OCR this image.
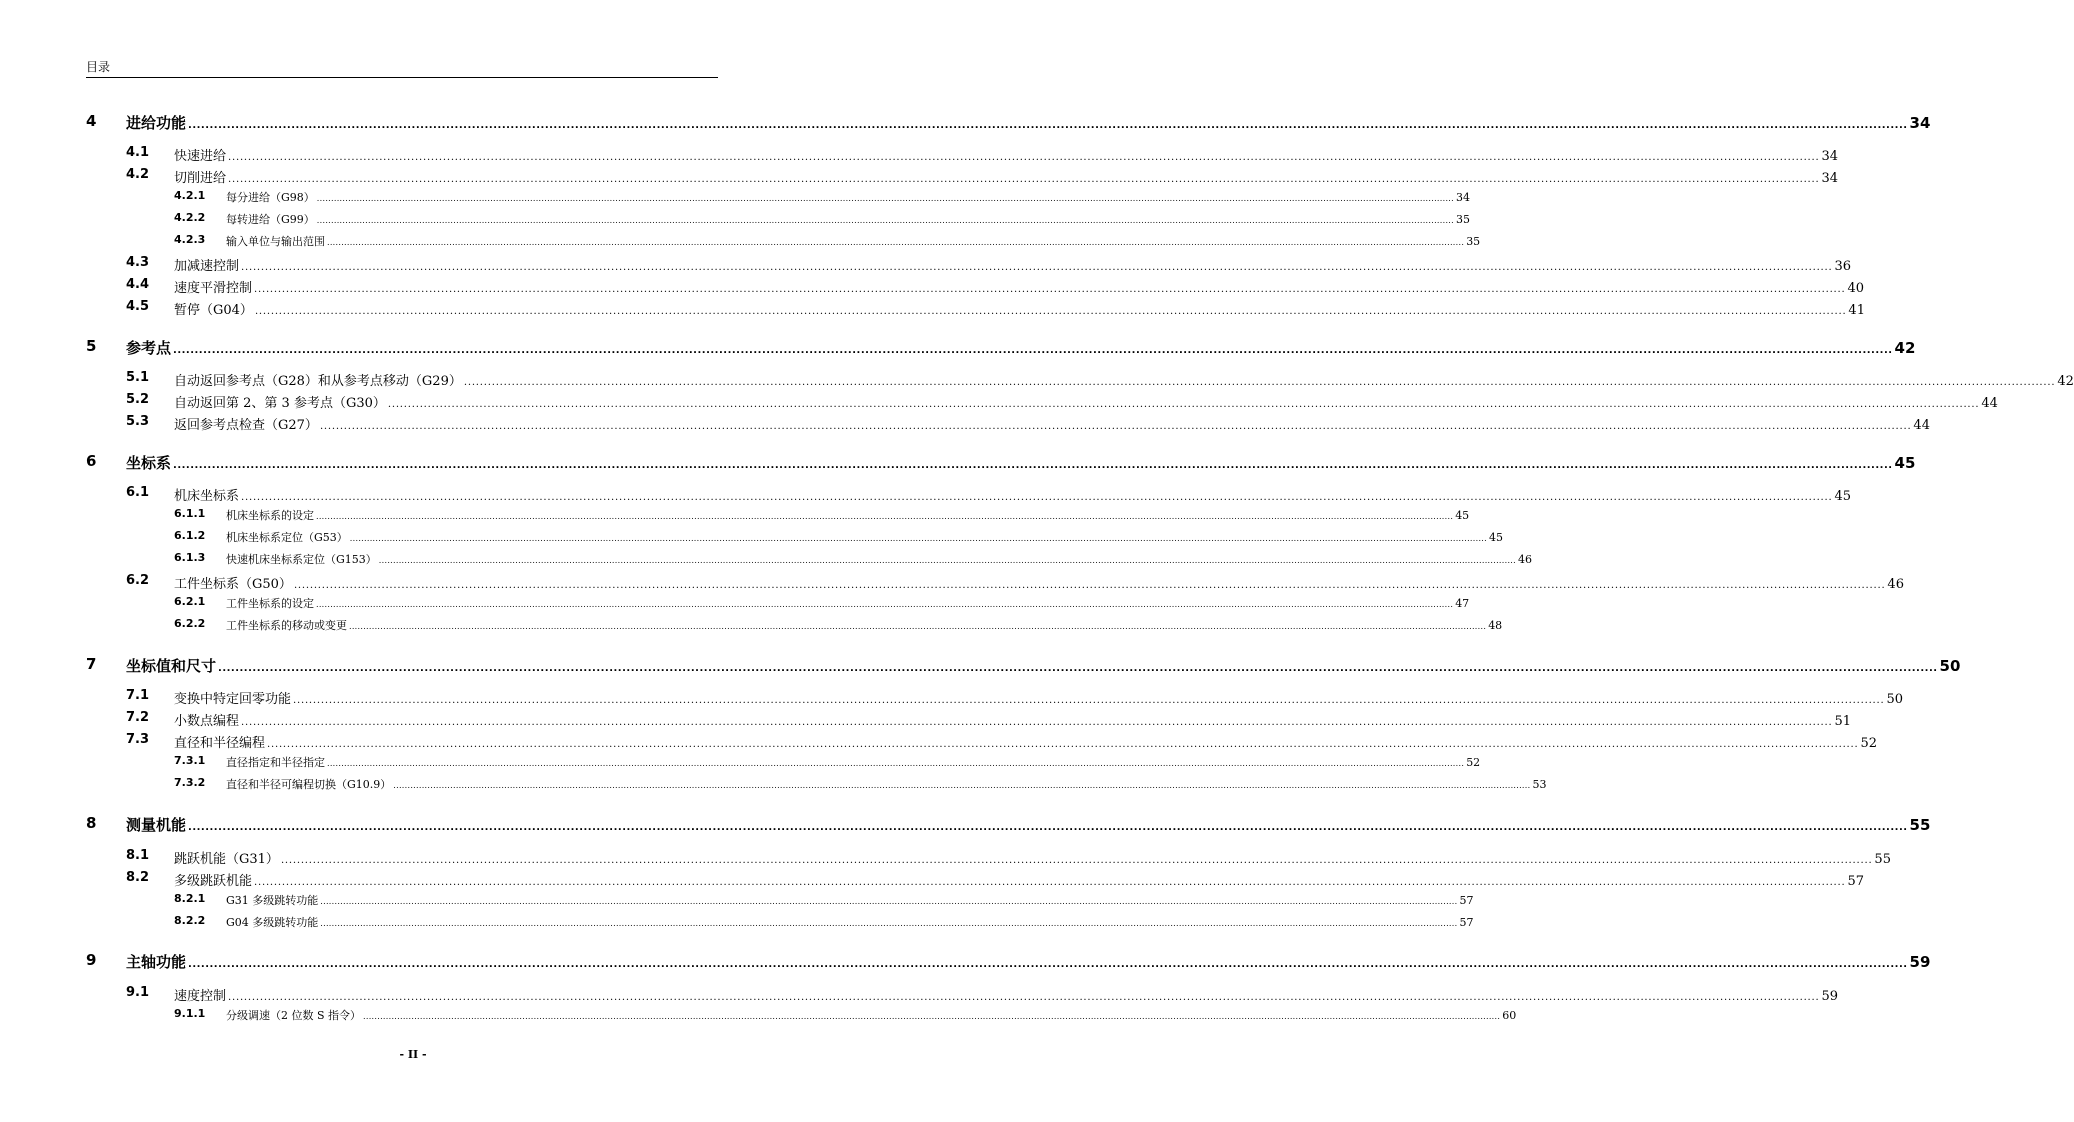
目录
4 进给功能 ................................................................................................................................................................................................................................................................................................................................................................................................................ 34
4.1 快速进给 ................................................................................................................................................................................................................................................................................................................................................................................................................ 34
4.2 切削进给 ................................................................................................................................................................................................................................................................................................................................................................................................................ 34
4.2.1 每分进给（G98） ................................................................................................................................................................................................................................................................................................................................................................................................................ 34
4.2.2 每转进给（G99） ................................................................................................................................................................................................................................................................................................................................................................................................................ 35
4.2.3 输入单位与输出范围 ................................................................................................................................................................................................................................................................................................................................................................................................................ 35
4.3 加减速控制 ................................................................................................................................................................................................................................................................................................................................................................................................................ 36
4.4 速度平滑控制 ................................................................................................................................................................................................................................................................................................................................................................................................................ 40
4.5 暂停（G04） ................................................................................................................................................................................................................................................................................................................................................................................................................ 41
5 参考点 ................................................................................................................................................................................................................................................................................................................................................................................................................ 42
5.1 自动返回参考点（G28）和从参考点移动（G29） ................................................................................................................................................................................................................................................................................................................................................................................................................ 42
5.2 自动返回第 2、第 3 参考点（G30） ................................................................................................................................................................................................................................................................................................................................................................................................................ 44
5.3 返回参考点检查（G27） ................................................................................................................................................................................................................................................................................................................................................................................................................ 44
6 坐标系 ................................................................................................................................................................................................................................................................................................................................................................................................................ 45
6.1 机床坐标系 ................................................................................................................................................................................................................................................................................................................................................................................................................ 45
6.1.1 机床坐标系的设定 ................................................................................................................................................................................................................................................................................................................................................................................................................ 45
6.1.2 机床坐标系定位（G53） ................................................................................................................................................................................................................................................................................................................................................................................................................ 45
6.1.3 快速机床坐标系定位（G153） ................................................................................................................................................................................................................................................................................................................................................................................................................ 46
6.2 工件坐标系（G50） ................................................................................................................................................................................................................................................................................................................................................................................................................ 46
6.2.1 工件坐标系的设定 ................................................................................................................................................................................................................................................................................................................................................................................................................ 47
6.2.2 工件坐标系的移动或变更 ................................................................................................................................................................................................................................................................................................................................................................................................................ 48
7 坐标值和尺寸 ................................................................................................................................................................................................................................................................................................................................................................................................................ 50
7.1 变换中特定回零功能 ................................................................................................................................................................................................................................................................................................................................................................................................................ 50
7.2 小数点编程 ................................................................................................................................................................................................................................................................................................................................................................................................................ 51
7.3 直径和半径编程 ................................................................................................................................................................................................................................................................................................................................................................................................................ 52
7.3.1 直径指定和半径指定 ................................................................................................................................................................................................................................................................................................................................................................................................................ 52
7.3.2 直径和半径可编程切换（G10.9） ................................................................................................................................................................................................................................................................................................................................................................................................................ 53
8 测量机能 ................................................................................................................................................................................................................................................................................................................................................................................................................ 55
8.1 跳跃机能（G31） ................................................................................................................................................................................................................................................................................................................................................................................................................ 55
8.2 多级跳跃机能 ................................................................................................................................................................................................................................................................................................................................................................................................................ 57
8.2.1 G31 多级跳转功能 ................................................................................................................................................................................................................................................................................................................................................................................................................ 57
8.2.2 G04 多级跳转功能 ................................................................................................................................................................................................................................................................................................................................................................................................................ 57
9 主轴功能 ................................................................................................................................................................................................................................................................................................................................................................................................................ 59
9.1 速度控制 ................................................................................................................................................................................................................................................................................................................................................................................................................ 59
9.1.1 分级调速（2 位数 S 指令） ................................................................................................................................................................................................................................................................................................................................................................................................................ 60
- II -
